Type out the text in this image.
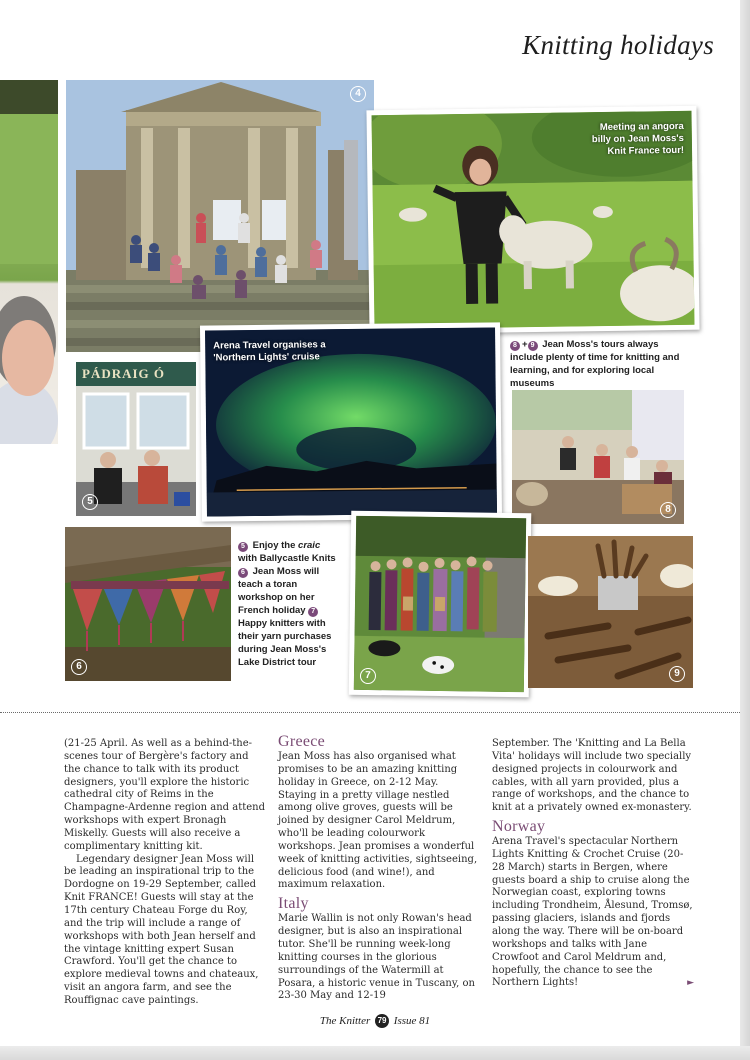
Knitting holidays
4
Meeting an angora billy on Jean Moss's Knit France tour!
PÁDRAIG Ó
5
Arena Travel organises a 'Northern Lights' cruise
8 + 9 Jean Moss's tours always include plenty of time for knitting and learning, and for exploring local museums
8
6
5 Enjoy the craic with Ballycastle Knits 6 Jean Moss will teach a toran workshop on her French holiday 7 Happy knitters with their yarn purchases during Jean Moss's Lake District tour
7	9

(21-25 April. As well as a behind-the-scenes tour of Bergère's factory and the chance to talk with its product designers, you'll explore the historic cathedral city of Reims in the Champagne-Ardenne region and attend workshops with expert Bronagh Miskelly. Guests will also receive a complimentary knitting kit.

Legendary designer Jean Moss will be leading an inspirational trip to the Dordogne on 19-29 September, called Knit FRANCE! Guests will stay at the 17th century Chateau Forge du Roy, and the trip will include a range of workshops with both Jean herself and the vintage knitting expert Susan Crawford. You'll get the chance to explore medieval towns and chateaux, visit an angora farm, and see the Rouffignac cave paintings.

Greece

Jean Moss has also organised what promises to be an amazing knitting holiday in Greece, on 2-12 May. Staying in a pretty village nestled among olive groves, guests will be joined by designer Carol Meldrum, who'll be leading colourwork workshops. Jean promises a wonderful week of knitting activities, sightseeing, delicious food (and wine!), and maximum relaxation.

Italy

Marie Wallin is not only Rowan's head designer, but is also an inspirational tutor. She'll be running week-long knitting courses in the glorious surroundings of the Watermill at Posara, a historic venue in Tuscany, on 23-30 May and 12-19

September. The 'Knitting and La Bella Vita' holidays will include two specially designed projects in colourwork and cables, with all yarn provided, plus a range of workshops, and the chance to knit at a privately owned ex-monastery.

Norway

Arena Travel's spectacular Northern Lights Knitting & Crochet Cruise (20-28 March) starts in Bergen, where guests board a ship to cruise along the Norwegian coast, exploring towns including Trondheim, Ålesund, Tromsø, passing glaciers, islands and fjords along the way. There will be on-board workshops and talks with Jane Crowfoot and Carol Meldrum and, hopefully, the chance to see the Northern Lights!	►

The Knitter 79 Issue 81
